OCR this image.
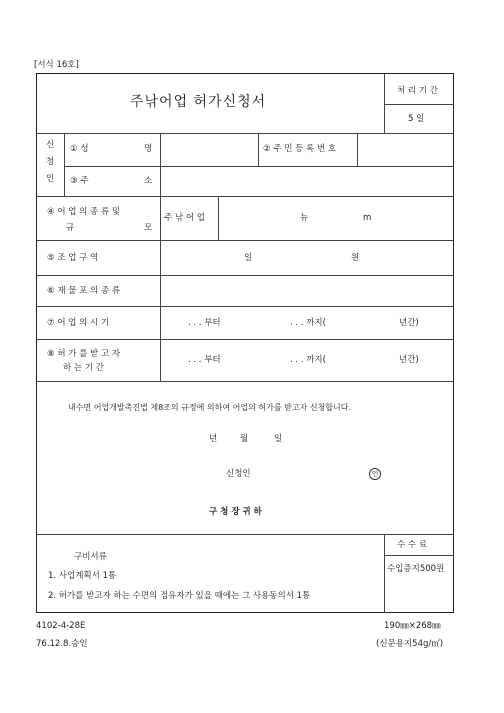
[서식 16호]
주낚어업 허가신청서
처 리 기 간
5 일
신
청
인
① 성	명	② 주 민 등 록 번 호
③ 주	소
④ 어 업 의 종 류 및
규	모
주 낚 어 업	뉴	m
⑤ 조 업 구 역	일	원
⑥ 재 물 포 의 종 류
⑦ 어 업 의 시 기	. . . 부터	. . . 까지(	년간)
⑧ 허 가 를 받 고 자
하 는 기 간
. . . 부터	. . . 까지(	년간)
내수면 어업개발촉진법 제8조의 규정에 의하여 어업의 허가를 받고자 신청합니다.
년	월	일
신청인	인
구 청 장 귀 하
구비서류
1. 사업계획서 1통
2. 허가를 받고자 하는 수면의 점유자가 있을 때에는 그 사용동의서 1통
수 수 료
수입증지500원
4102-4-28E
76.12.8.승인
190㎜×268㎜
(신문용지54g/㎡)
